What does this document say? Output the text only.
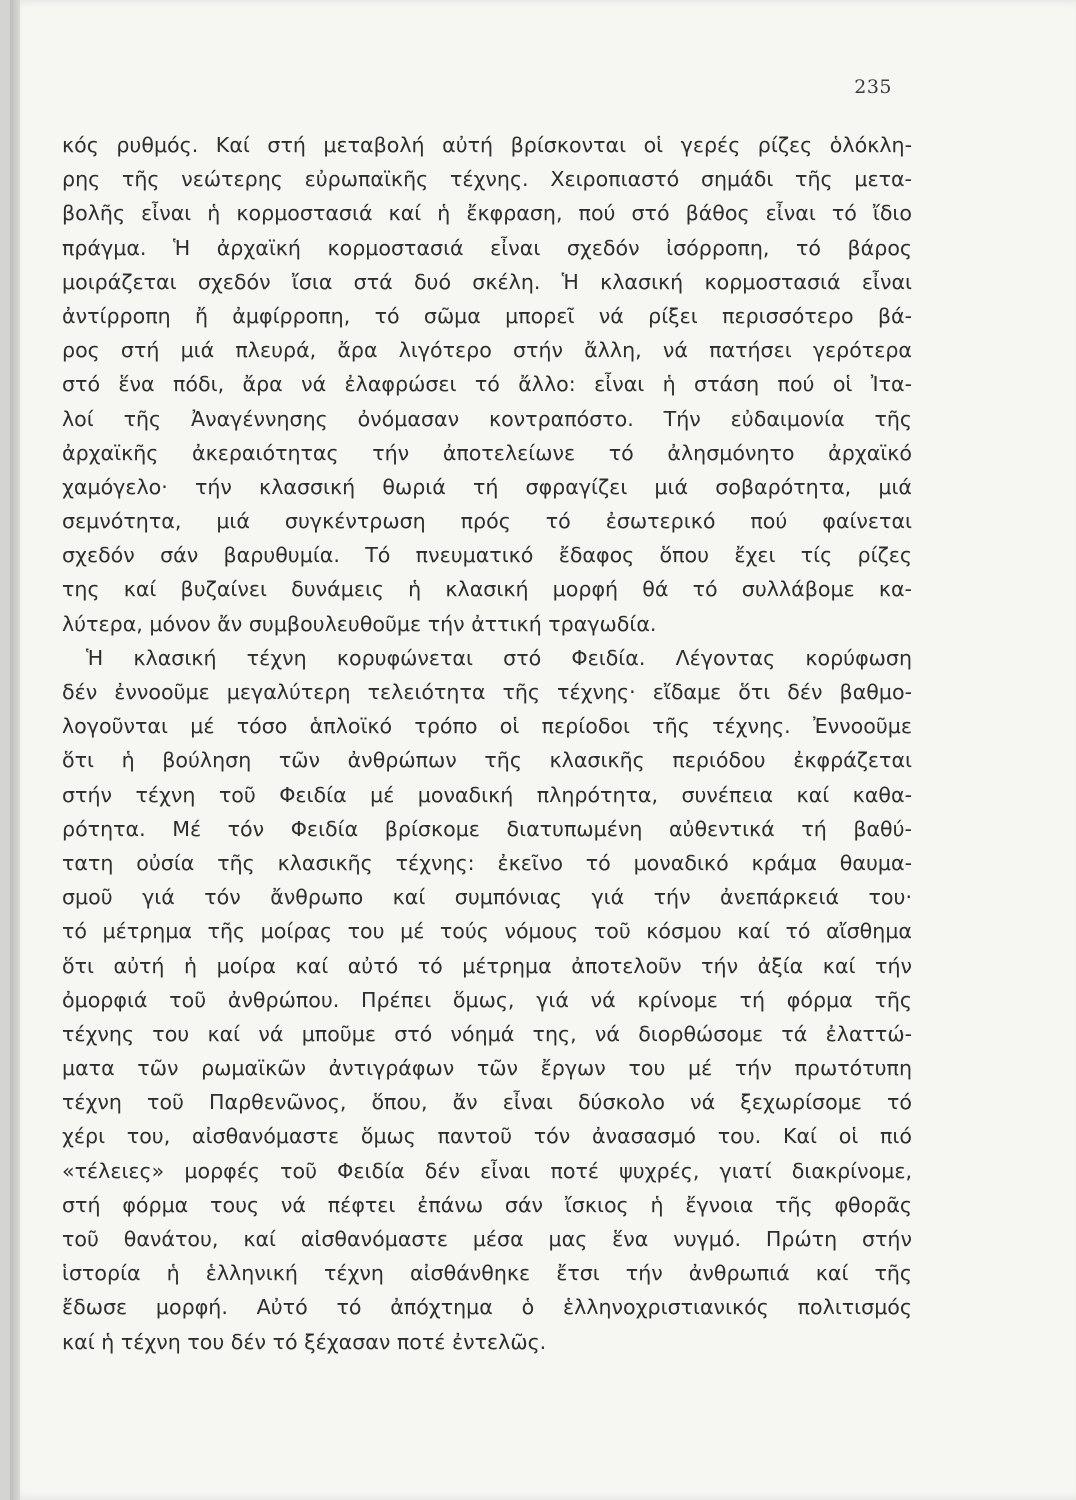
235
κός ρυθμός. Καί στή μεταβολή αὐτή βρίσκονται οἱ γερές ρίζες ὁλόκλη-
ρης τῆς νεώτερης εὐρωπαϊκῆς τέχνης. Χειροπιαστό σημάδι τῆς μετα-
βολῆς εἶναι ἡ κορμοστασιά καί ἡ ἔκφραση, πού στό βάθος εἶναι τό ἴδιο
πράγμα. Ἡ ἀρχαϊκή κορμοστασιά εἶναι σχεδόν ἰσόρροπη, τό βάρος
μοιράζεται σχεδόν ἴσια στά δυό σκέλη. Ἡ κλασική κορμοστασιά εἶναι
ἀντίρροπη ἤ ἀμφίρροπη, τό σῶμα μπορεῖ νά ρίξει περισσότερο βά-
ρος στή μιά πλευρά, ἄρα λιγότερο στήν ἄλλη, νά πατήσει γερότερα
στό ἕνα πόδι, ἄρα νά ἐλαφρώσει τό ἄλλο: εἶναι ἡ στάση πού οἱ Ἰτα-
λοί τῆς Ἀναγέννησης ὀνόμασαν κοντραπόστο. Τήν εὐδαιμονία τῆς
ἀρχαϊκῆς ἀκεραιότητας τήν ἀποτελείωνε τό ἀλησμόνητο ἀρχαϊκό
χαμόγελο· τήν κλασσική θωριά τή σφραγίζει μιά σοβαρότητα, μιά
σεμνότητα, μιά συγκέντρωση πρός τό ἐσωτερικό πού φαίνεται
σχεδόν σάν βαρυθυμία. Τό πνευματικό ἔδαφος ὅπου ἔχει τίς ρίζες
της καί βυζαίνει δυνάμεις ἡ κλασική μορφή θά τό συλλάβομε κα-
λύτερα, μόνον ἄν συμβουλευθοῦμε τήν ἀττική τραγωδία.
Ἡ κλασική τέχνη κορυφώνεται στό Φειδία. Λέγοντας κορύφωση
δέν ἐννοοῦμε μεγαλύτερη τελειότητα τῆς τέχνης· εἴδαμε ὅτι δέν βαθμο-
λογοῦνται μέ τόσο ἁπλοϊκό τρόπο οἱ περίοδοι τῆς τέχνης. Ἐννοοῦμε
ὅτι ἡ βούληση τῶν ἀνθρώπων τῆς κλασικῆς περιόδου ἐκφράζεται
στήν τέχνη τοῦ Φειδία μέ μοναδική πληρότητα, συνέπεια καί καθα-
ρότητα. Μέ τόν Φειδία βρίσκομε διατυπωμένη αὐθεντικά τή βαθύ-
τατη οὐσία τῆς κλασικῆς τέχνης: ἐκεῖνο τό μοναδικό κράμα θαυμα-
σμοῦ γιά τόν ἄνθρωπο καί συμπόνιας γιά τήν ἀνεπάρκειά του·
τό μέτρημα τῆς μοίρας του μέ τούς νόμους τοῦ κόσμου καί τό αἴσθημα
ὅτι αὐτή ἡ μοίρα καί αὐτό τό μέτρημα ἀποτελοῦν τήν ἀξία καί τήν
ὀμορφιά τοῦ ἀνθρώπου. Πρέπει ὅμως, γιά νά κρίνομε τή φόρμα τῆς
τέχνης του καί νά μποῦμε στό νόημά της, νά διορθώσομε τά ἐλαττώ-
ματα τῶν ρωμαϊκῶν ἀντιγράφων τῶν ἔργων του μέ τήν πρωτότυπη
τέχνη τοῦ Παρθενῶνος, ὅπου, ἄν εἶναι δύσκολο νά ξεχωρίσομε τό
χέρι του, αἰσθανόμαστε ὅμως παντοῦ τόν ἀνασασμό του. Καί οἱ πιό
«τέλειες» μορφές τοῦ Φειδία δέν εἶναι ποτέ ψυχρές, γιατί διακρίνομε,
στή φόρμα τους νά πέφτει ἐπάνω σάν ἴσκιος ἡ ἔγνοια τῆς φθορᾶς
τοῦ θανάτου, καί αἰσθανόμαστε μέσα μας ἕνα νυγμό. Πρώτη στήν
ἱστορία ἡ ἑλληνική τέχνη αἰσθάνθηκε ἔτσι τήν ἀνθρωπιά καί τῆς
ἔδωσε μορφή. Αὐτό τό ἀπόχτημα ὁ ἑλληνοχριστιανικός πολιτισμός
καί ἡ τέχνη του δέν τό ξέχασαν ποτέ ἐντελῶς.
